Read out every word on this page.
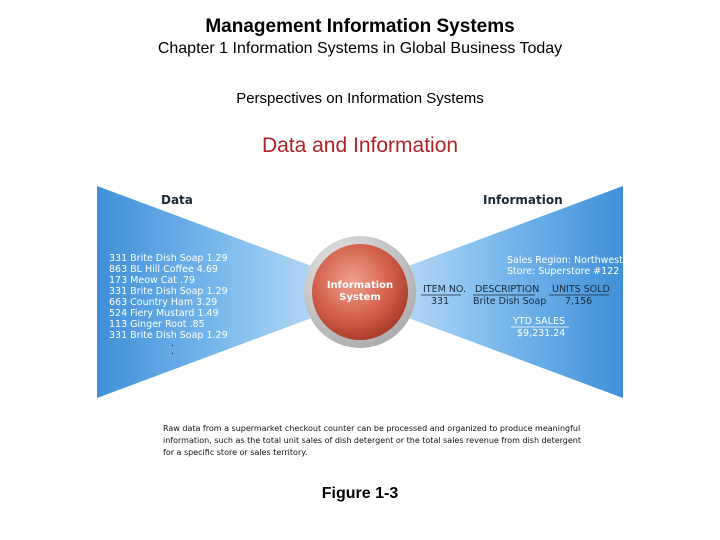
Management Information Systems
Chapter 1 Information Systems in Global Business Today
Perspectives on Information Systems
Data and Information
Data	Information
331 Brite Dish Soap 1.29
863 BL Hill Coffee 4.69
173 Meow Cat .79
331 Brite Dish Soap 1.29
663 Country Ham 3.29
524 Fiery Mustard 1.49
113 Ginger Root .85
331 Brite Dish Soap 1.29
.
.
Information
System
Sales Region: Northwest
Store: Superstore #122
ITEM NO. DESCRIPTION UNITS SOLD
331	Brite Dish Soap 7,156
YTD SALES
$9,231.24
Raw data from a supermarket checkout counter can be processed and organized to produce meaningful information, such as the total unit sales of dish detergent or the total sales revenue from dish detergent for a specific store or sales territory.
Figure 1-3
